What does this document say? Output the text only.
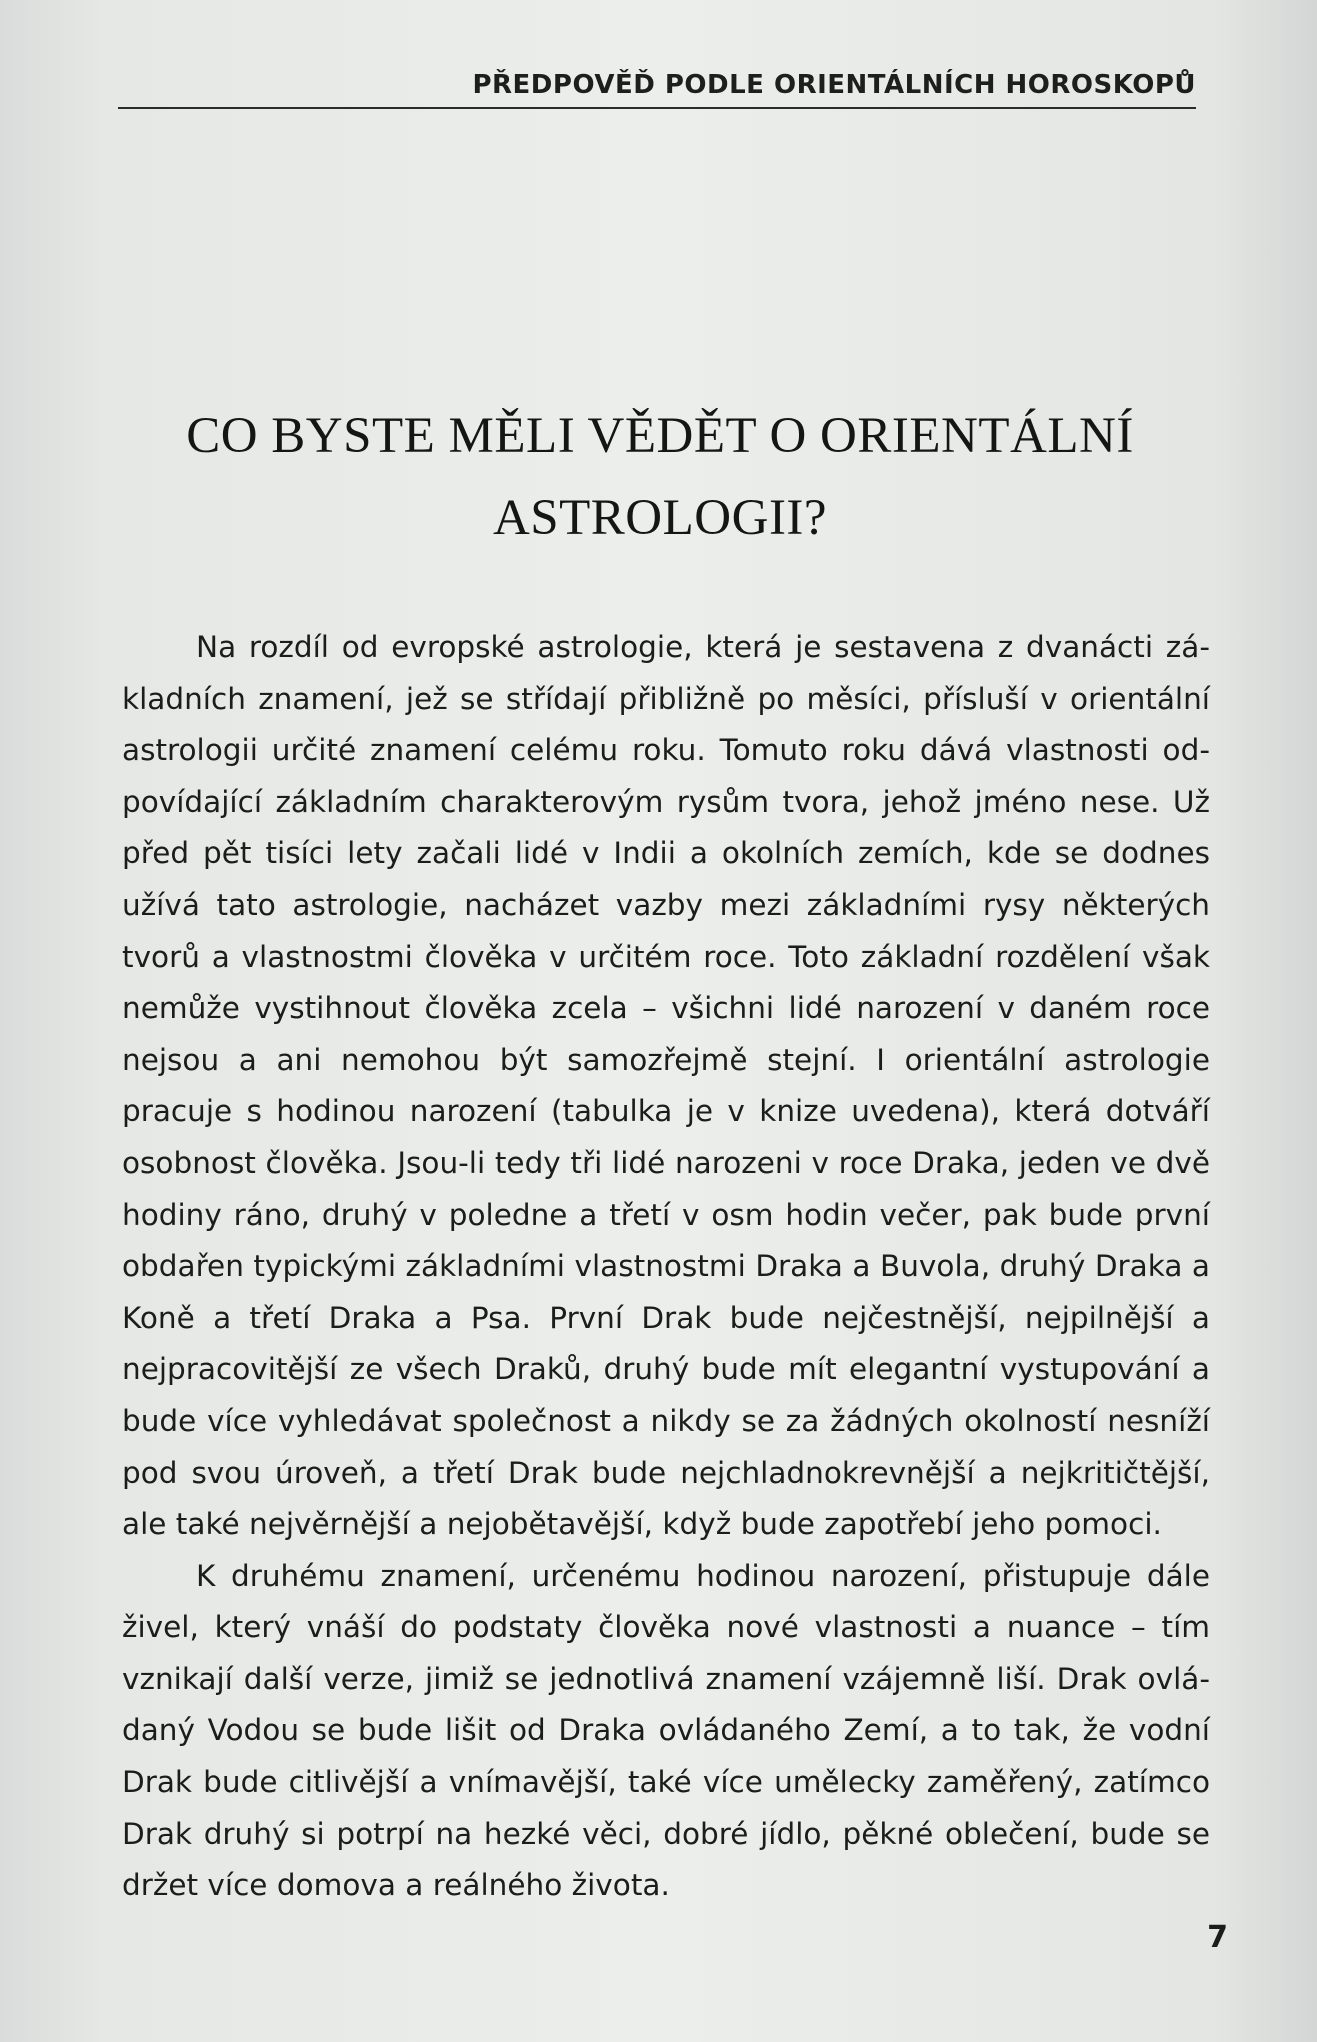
PŘEDPOVĚĎ PODLE ORIENTÁLNÍCH HOROSKOPŮ
CO BYSTE MĚLI VĚDĚT O ORIENTÁLNÍ
ASTROLOGII?

Na rozdíl od evropské astrologie, která je sestavena z dvanácti základních znamení, jež se střídají přibližně po měsíci, přísluší v orientální astrologii určité znamení celému roku. Tomuto roku dává vlastnosti odpovídající základním charakterovým rysům tvora, jehož jméno nese. Už před pět tisíci lety začali lidé v Indii a okolních zemích, kde se dodnes užívá tato astrologie, nacházet vazby mezi základními rysy některých tvorů a vlastnostmi člověka v určitém roce. Toto základní rozdělení však nemůže vystihnout člověka zcela – všichni lidé narození v daném roce nejsou a ani nemohou být samozřejmě stejní. I orientální astrologie pracuje s hodinou narození (tabulka je v knize uvedena), která dotváří osobnost člověka. Jsou-li tedy tři lidé narozeni v roce Draka, jeden ve dvě hodiny ráno, druhý v poledne a třetí v osm hodin večer, pak bude první obdařen typickými základními vlastnostmi Draka a Buvola, druhý Draka a Koně a třetí Draka a Psa. První Drak bude nejčestnější, nejpilnější a nejpracovitější ze všech Draků, druhý bude mít elegantní vystupování a bude více vyhledávat společnost a nikdy se za žádných okolností nesníží pod svou úroveň, a třetí Drak bude nejchladnokrevnější a nejkritičtější, ale také nejvěrnější a nejobětavější, když bude zapotřebí jeho pomoci.

K druhému znamení, určenému hodinou narození, přistupuje dále živel, který vnáší do podstaty člověka nové vlastnosti a nuance – tím vznikají další verze, jimiž se jednotlivá znamení vzájemně liší. Drak ovládaný Vodou se bude lišit od Draka ovládaného Zemí, a to tak, že vodní Drak bude citlivější a vnímavější, také více umělecky zaměřený, zatímco Drak druhý si potrpí na hezké věci, dobré jídlo, pěkné oblečení, bude se držet více domova a reálného života.

7
